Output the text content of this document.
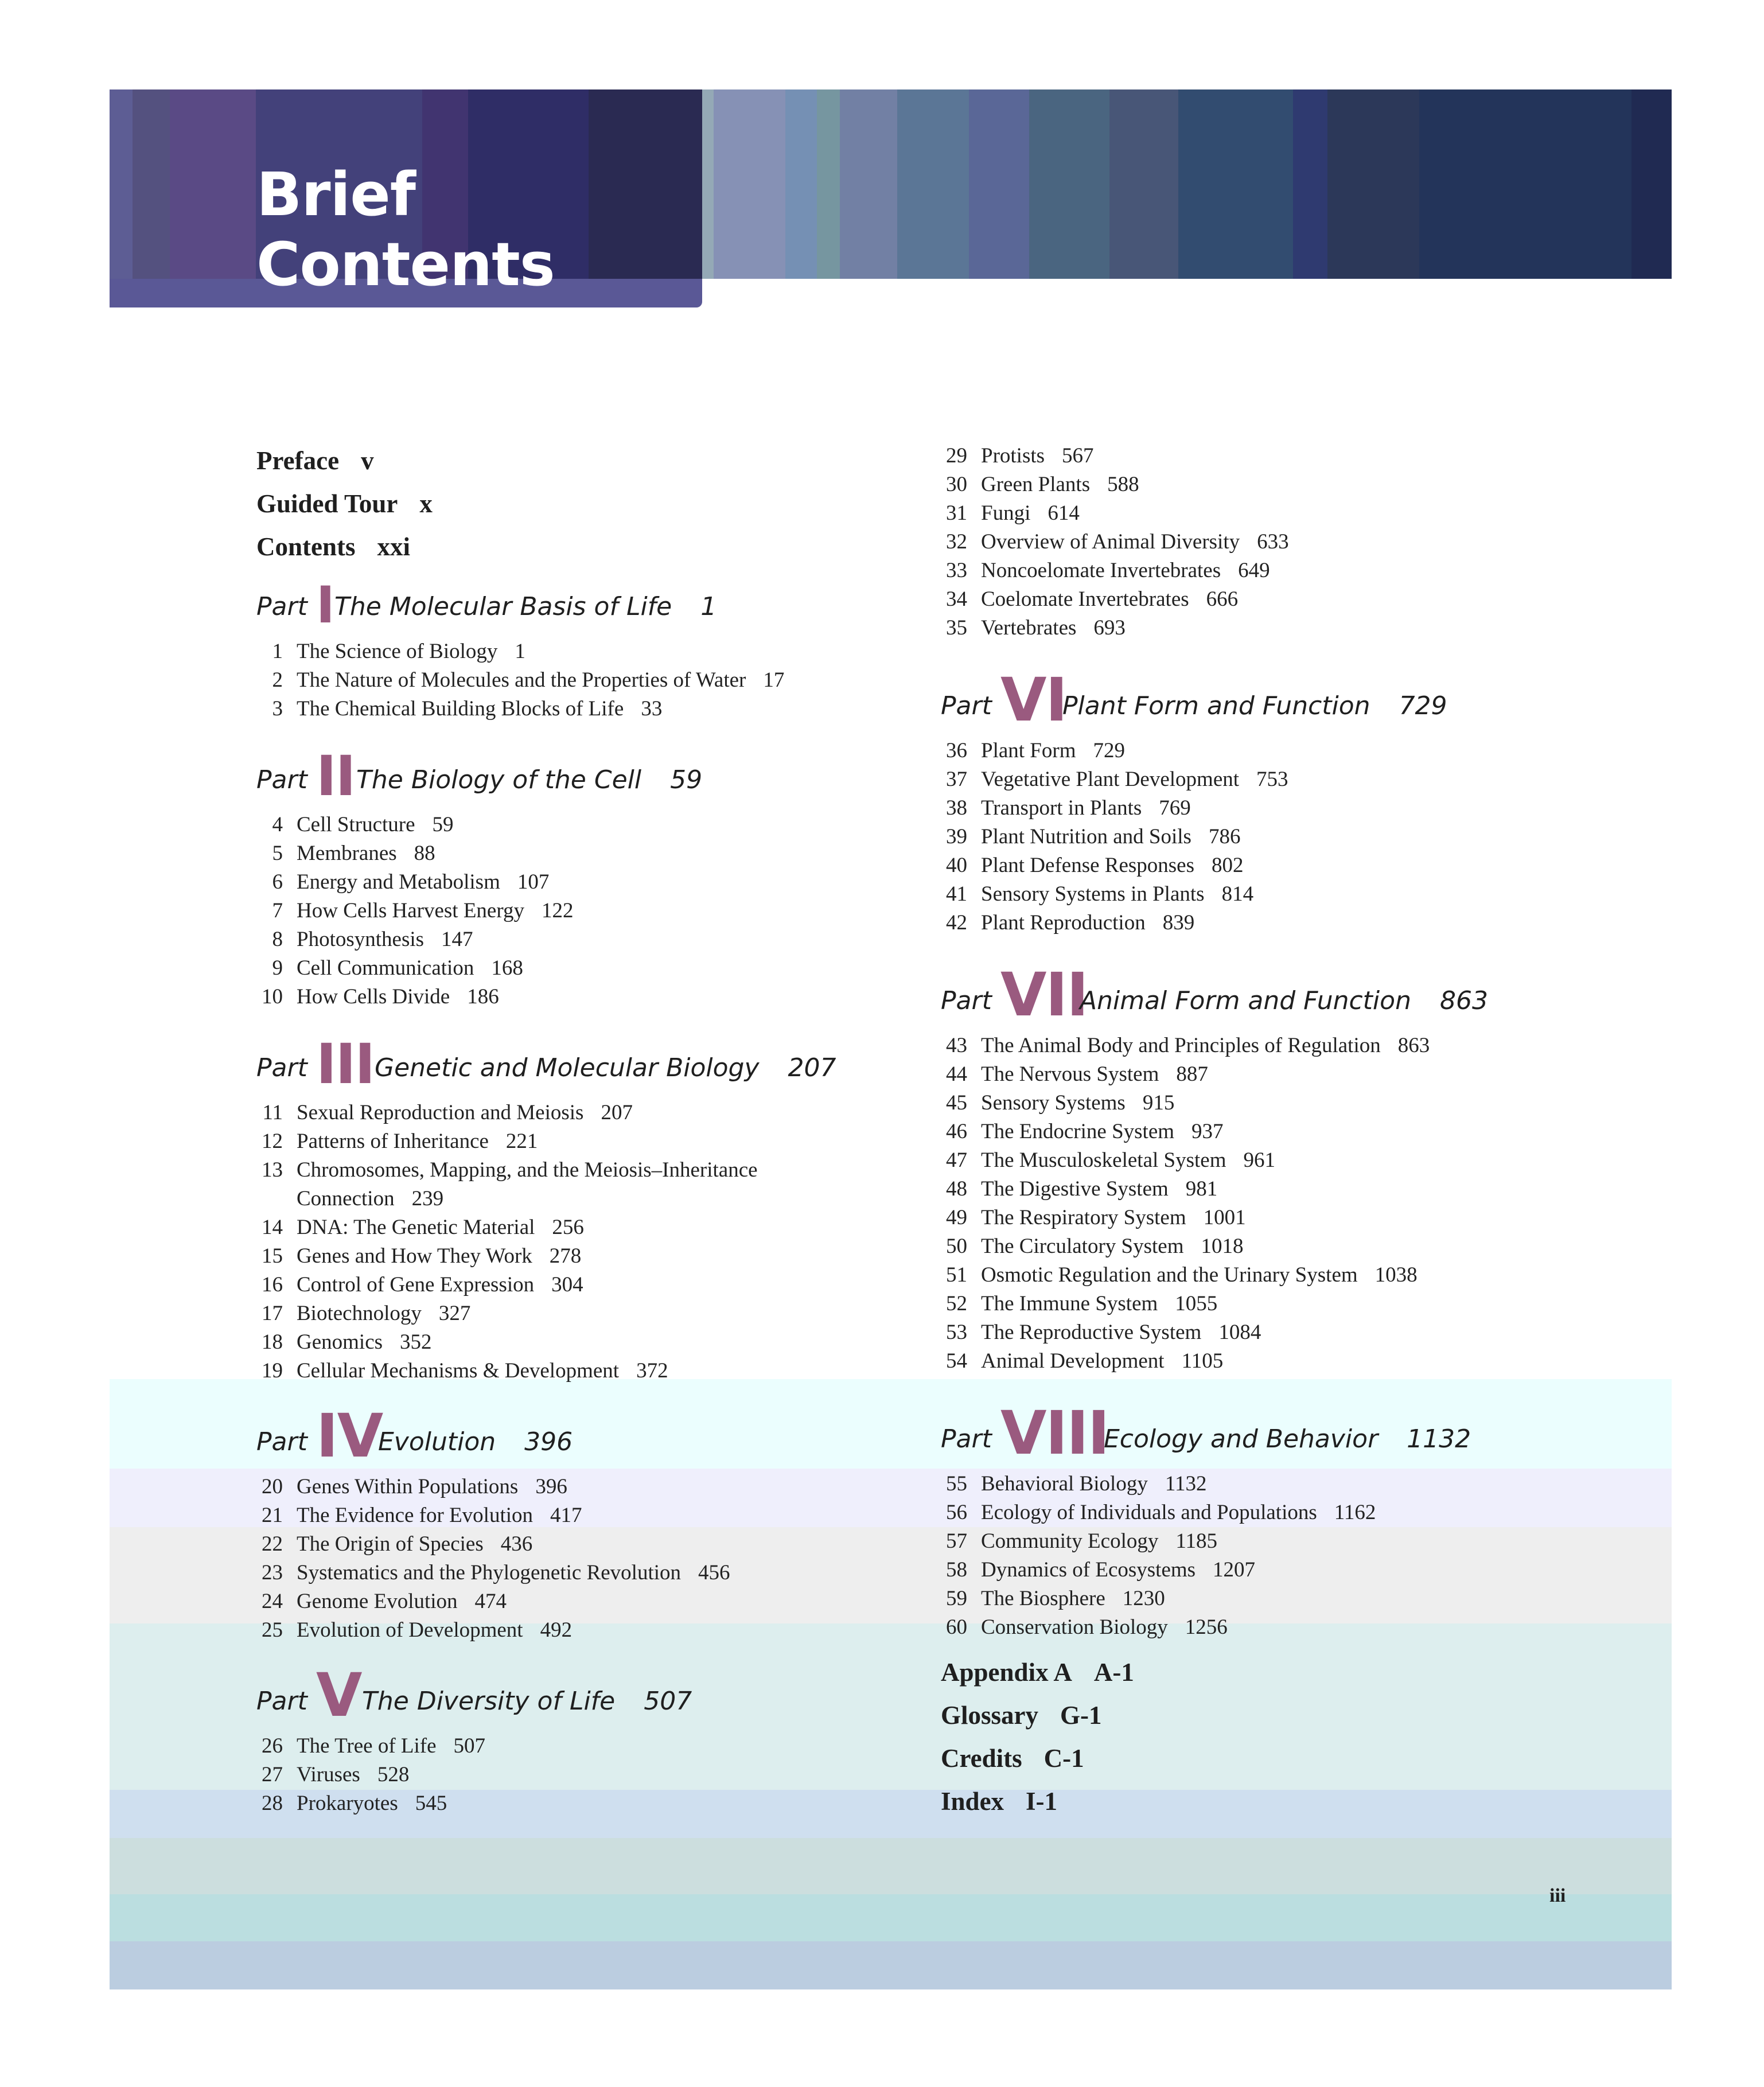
Brief Contents
Preface v
Guided Tour x
Contents xxi
Part I The Molecular Basis of Life 1
1 The Science of Biology 1
2 The Nature of Molecules and the Properties of Water 17
3 The Chemical Building Blocks of Life 33
Part II The Biology of the Cell 59
4 Cell Structure 59
5 Membranes 88
6 Energy and Metabolism 107
7 How Cells Harvest Energy 122
8 Photosynthesis 147
9 Cell Communication 168
10 How Cells Divide 186
Part III Genetic and Molecular Biology 207
11 Sexual Reproduction and Meiosis 207
12 Patterns of Inheritance 221
13 Chromosomes, Mapping, and the Meiosis–Inheritance Connection 239
14 DNA: The Genetic Material 256
15 Genes and How They Work 278
16 Control of Gene Expression 304
17 Biotechnology 327
18 Genomics 352
19 Cellular Mechanisms & Development 372
Part IV
Evolution 396
20 Genes Within Populations 396
21 The Evidence for Evolution 417
22 The Origin of Species 436
23 Systematics and the Phylogenetic Revolution 456
24 Genome Evolution 474
25 Evolution of Development 492
Part V The Diversity of Life 507
26 The Tree of Life 507
27 Viruses 528
28 Prokaryotes 545
29 Protists 567
30 Green Plants 588
31 Fungi 614
32 Overview of Animal Diversity 633
33 Noncoelomate Invertebrates 649
34 Coelomate Invertebrates 666
35 Vertebrates 693
Part VI
Plant Form and Function 729
36 Plant Form 729
37 Vegetative Plant Development 753
38 Transport in Plants 769
39 Plant Nutrition and Soils 786
40 Plant Defense Responses 802
41 Sensory Systems in Plants 814
42 Plant Reproduction 839
Part VII
Animal Form and Function 863
43 The Animal Body and Principles of Regulation 863
44 The Nervous System 887
45 Sensory Systems 915
46 The Endocrine System 937
47 The Musculoskeletal System 961
48 The Digestive System 981
49 The Respiratory System 1001
50 The Circulatory System 1018
51 Osmotic Regulation and the Urinary System 1038
52 The Immune System 1055
53 The Reproductive System 1084
54 Animal Development 1105
Part VIII
Ecology and Behavior 1132
55 Behavioral Biology 1132
56 Ecology of Individuals and Populations 1162
57 Community Ecology 1185
58 Dynamics of Ecosystems 1207
59 The Biosphere 1230
60 Conservation Biology 1256
Appendix A A-1
Glossary G-1
Credits C-1
Index I-1
iii
